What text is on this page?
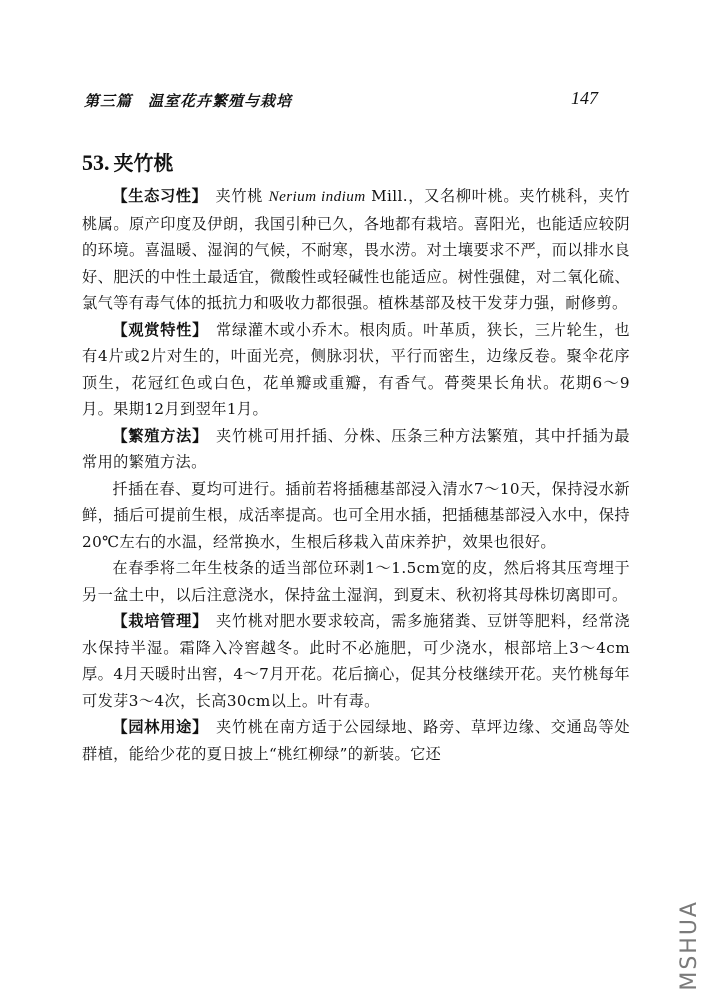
第三篇　温室花卉繁殖与栽培	147
53. 夹竹桃

【生态习性】 夹竹桃 Nerium indium Mill.，又名柳叶桃。夹竹桃科，夹竹桃属。原产印度及伊朗，我国引种已久，各地都有栽培。喜阳光，也能适应较阴的环境。喜温暖、湿润的气候，不耐寒，畏水涝。对土壤要求不严，而以排水良好、肥沃的中性土最适宜，微酸性或轻碱性也能适应。树性强健，对二氧化硫、氯气等有毒气体的抵抗力和吸收力都很强。植株基部及枝干发芽力强，耐修剪。

【观赏特性】 常绿灌木或小乔木。根肉质。叶革质，狭长，三片轮生，也有4片或2片对生的，叶面光亮，侧脉羽状，平行而密生，边缘反卷。聚伞花序顶生，花冠红色或白色，花单瓣或重瓣，有香气。蓇葖果长角状。花期6～9月。果期12月到翌年1月。

【繁殖方法】 夹竹桃可用扦插、分株、压条三种方法繁殖，其中扦插为最常用的繁殖方法。

扦插在春、夏均可进行。插前若将插穗基部浸入清水7～10天，保持浸水新鲜，插后可提前生根，成活率提高。也可全用水插，把插穗基部浸入水中，保持20℃左右的水温，经常换水，生根后移栽入苗床养护，效果也很好。

在春季将二年生枝条的适当部位环剥1～1.5cm宽的皮，然后将其压弯埋于另一盆土中，以后注意浇水，保持盆土湿润，到夏末、秋初将其母株切离即可。

【栽培管理】 夹竹桃对肥水要求较高，需多施猪粪、豆饼等肥料，经常浇水保持半湿。霜降入冷窖越冬。此时不必施肥，可少浇水，根部培上3～4cm厚。4月天暖时出窖，4～7月开花。花后摘心，促其分枝继续开花。夹竹桃每年可发芽3～4次，长高30cm以上。叶有毒。

【园林用途】 夹竹桃在南方适于公园绿地、路旁、草坪边缘、交通岛等处群植，能给少花的夏日披上“桃红柳绿”的新装。它还

MSHUA
